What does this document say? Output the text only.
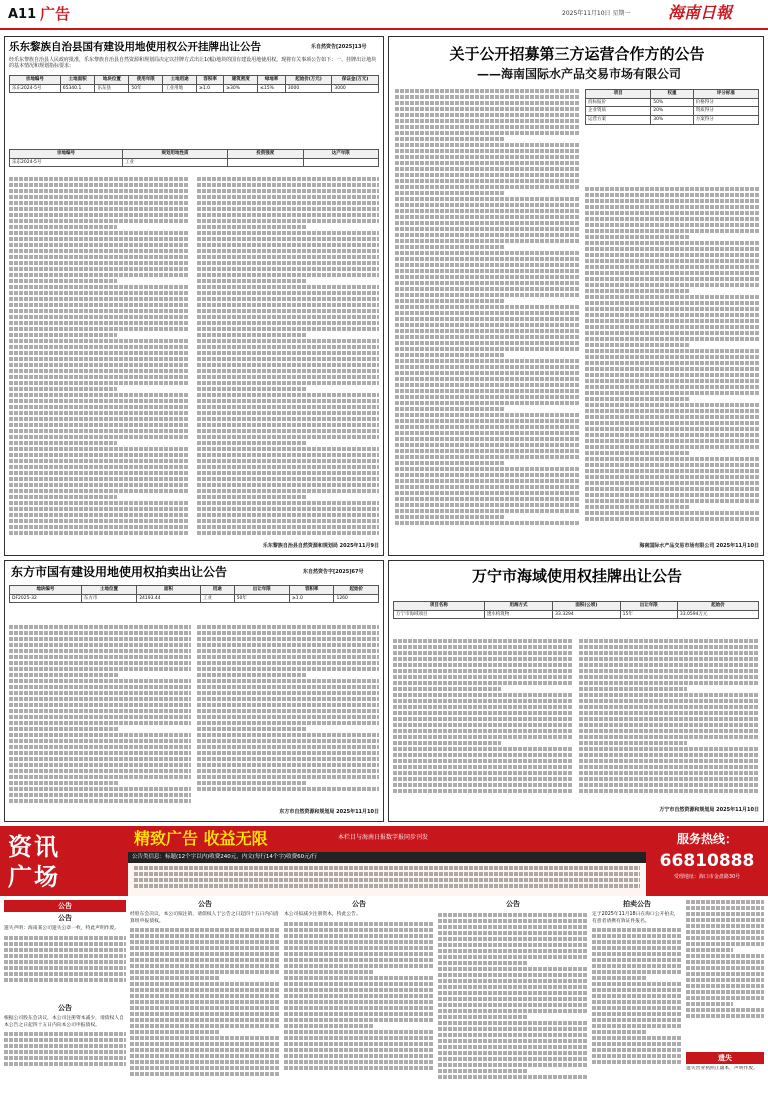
A11 广告	2025年11月10日 星期一 海南日報
乐东黎族自治县国有建设用地使用权公开挂牌出让公告	乐自然资告[2025]13号
经乐东黎族自治县人民政府批准，乐东黎族自治县自然资源和规划局决定以挂牌方式出让1(幅)地块的国有建设用地使用权。现将有关事项公告如下：一、挂牌出让地块的基本情况和规划指标要求：
宗地编号	土地面积	地块位置	使用年限	土地用途	容积率	建筑密度	绿地率	起始价(万元)	保证金(万元)
乐东2024-5号	65340.1	乐东县	50年	工业用地	≥1.0	≥30%	≤15%	3000	3000
宗地编号	规划用地性质	投资强度	达产年限
乐东2024-5号	工业		
乐东黎族自治县自然资源和规划局 2025年11月9日
关于公开招募第三方运营合作方的公告
——海南国际水产品交易市场有限公司
项目	权重	评分标准
投标报价	50%	价格得分
企业资质	20%	资质得分
运营方案	30%	方案得分
海南国际水产品交易市场有限公司 2025年11月10日
东方市国有建设用地使用权拍卖出让公告	东自然资告字[2025]67号
地块编号	土地位置	面积	用途	出让年限	容积率	起始价
DF2025-32	东方市	24193.44	工业	50年	≥1.0	1260
东方市自然资源和规划局 2025年11月10日
万宁市海域使用权挂牌出让公告
项目名称	用海方式	面积(公顷)	出让年限	起始价
万宁市海域项目	透水构筑物	33.3294	15年	33.0594万元
万宁市自然资源和规划局 2025年11月10日
资讯
广场
精致广告 收益无限	本栏目与海南日报数字报同步刊发
公告类信息：标题(12个字以内)收费240元，内文(每行14个字)收费60元/行
服务热线：
66810888
受理地址：海口市金盘路30号
公告
公告
遗失声明：海南某公司遗失公章一枚，特此声明作废。
公告
根据公司股东会决议，本公司注册资本减少，请债权人自本公告之日起四十五日内向本公司申报债权。
公告
经股东会决议，本公司拟注销，请债权人于公告之日起四十五日内向清算组申报债权。
公告
本公司拟减少注册资本，特此公告。
公告	拍卖公告
定于2025年11月18日在海口公开拍卖，有意者请携有效证件报名。
遗失
遗失营业执照正副本，声明作废。
